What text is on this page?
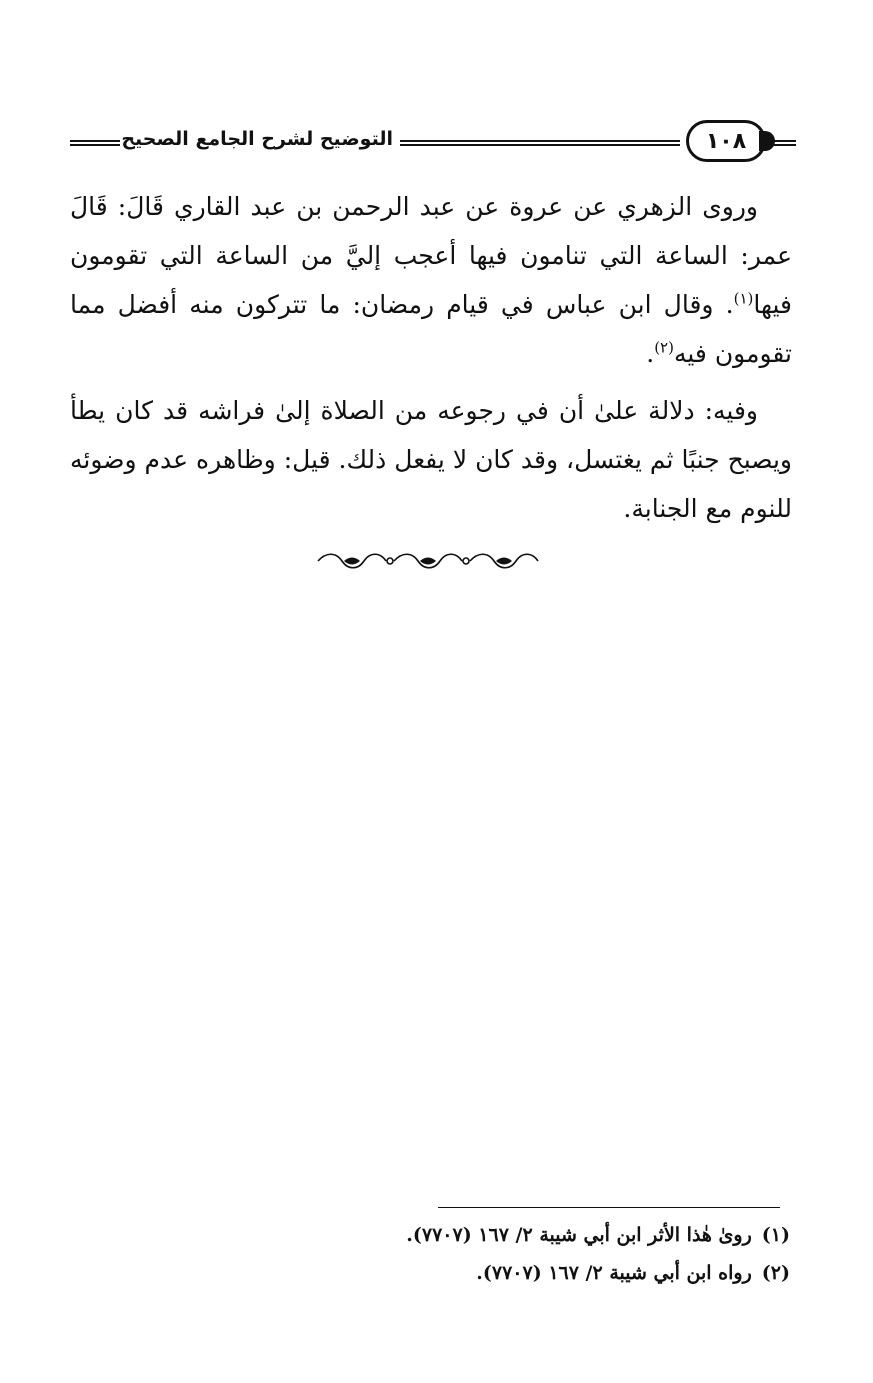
التوضيح لشرح الجامع الصحيح	١٠٨

وروى الزهري عن عروة عن عبد الرحمن بن عبد القاري قَالَ: قَالَ عمر: الساعة التي تنامون فيها أعجب إليَّ من الساعة التي تقومون فيها$^{(١)}$. وقال ابن عباس في قيام رمضان: ما تتركون منه أفضل مما تقومون فيه$^{(٢)}$.

وفيه: دلالة علىٰ أن في رجوعه من الصلاة إلىٰ فراشه قد كان يطأ ويصبح جنبًا ثم يغتسل، وقد كان لا يفعل ذلك. قيل: وظاهره عدم وضوئه للنوم مع الجنابة.

(١)روىٰ هٰذا الأثر ابن أبي شيبة ٢/ ١٦٧ (٧٧٠٧).
(٢)رواه ابن أبي شيبة ٢/ ١٦٧ (٧٧٠٧).
